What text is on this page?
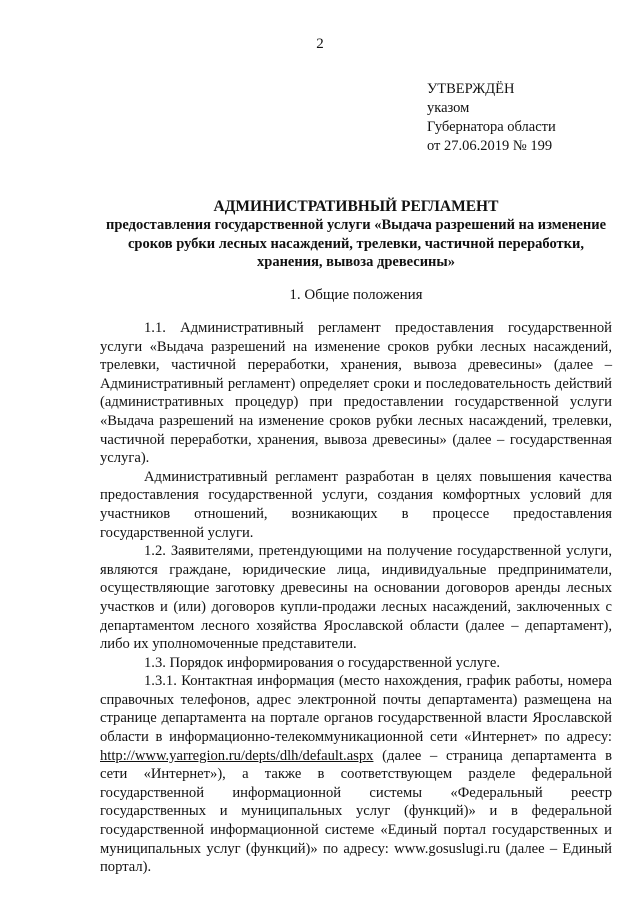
2
УТВЕРЖДЁН
указом
Губернатора области
от 27.06.2019 № 199
АДМИНИСТРАТИВНЫЙ РЕГЛАМЕНТ
предоставления государственной услуги «Выдача разрешений на изменение сроков рубки лесных насаждений, трелевки, частичной переработки, хранения, вывоза древесины»
1. Общие положения

1.1. Административный регламент предоставления государственной услуги «Выдача разрешений на изменение сроков рубки лесных насаждений, трелевки, частичной переработки, хранения, вывоза древесины» (далее – Административный регламент) определяет сроки и последовательность действий (административных процедур) при предоставлении государственной услуги «Выдача разрешений на изменение сроков рубки лесных насаждений, трелевки, частичной переработки, хранения, вывоза древесины» (далее – государственная услуга).

Административный регламент разработан в целях повышения качества предоставления государственной услуги, создания комфортных условий для участников отношений, возникающих в процессе предоставления государственной услуги.

1.2. Заявителями, претендующими на получение государственной услуги, являются граждане, юридические лица, индивидуальные предприниматели, осуществляющие заготовку древесины на основании договоров аренды лесных участков и (или) договоров купли-продажи лесных насаждений, заключенных с департаментом лесного хозяйства Ярославской области (далее – департамент), либо их уполномоченные представители.

1.3. Порядок информирования о государственной услуге.

1.3.1. Контактная информация (место нахождения, график работы, номера справочных телефонов, адрес электронной почты департамента) размещена на странице департамента на портале органов государственной власти Ярославской области в информационно-телекоммуникационной сети «Интернет» по адресу: http://www.yarregion.ru/depts/dlh/default.aspx (далее – страница департамента в сети «Интернет»), а также в соответствующем разделе федеральной государственной информационной системы «Федеральный реестр государственных и муниципальных услуг (функций)» и в федеральной государственной информационной системе «Единый портал государственных и муниципальных услуг (функций)» по адресу: www.gosuslugi.ru (далее – Единый портал).
